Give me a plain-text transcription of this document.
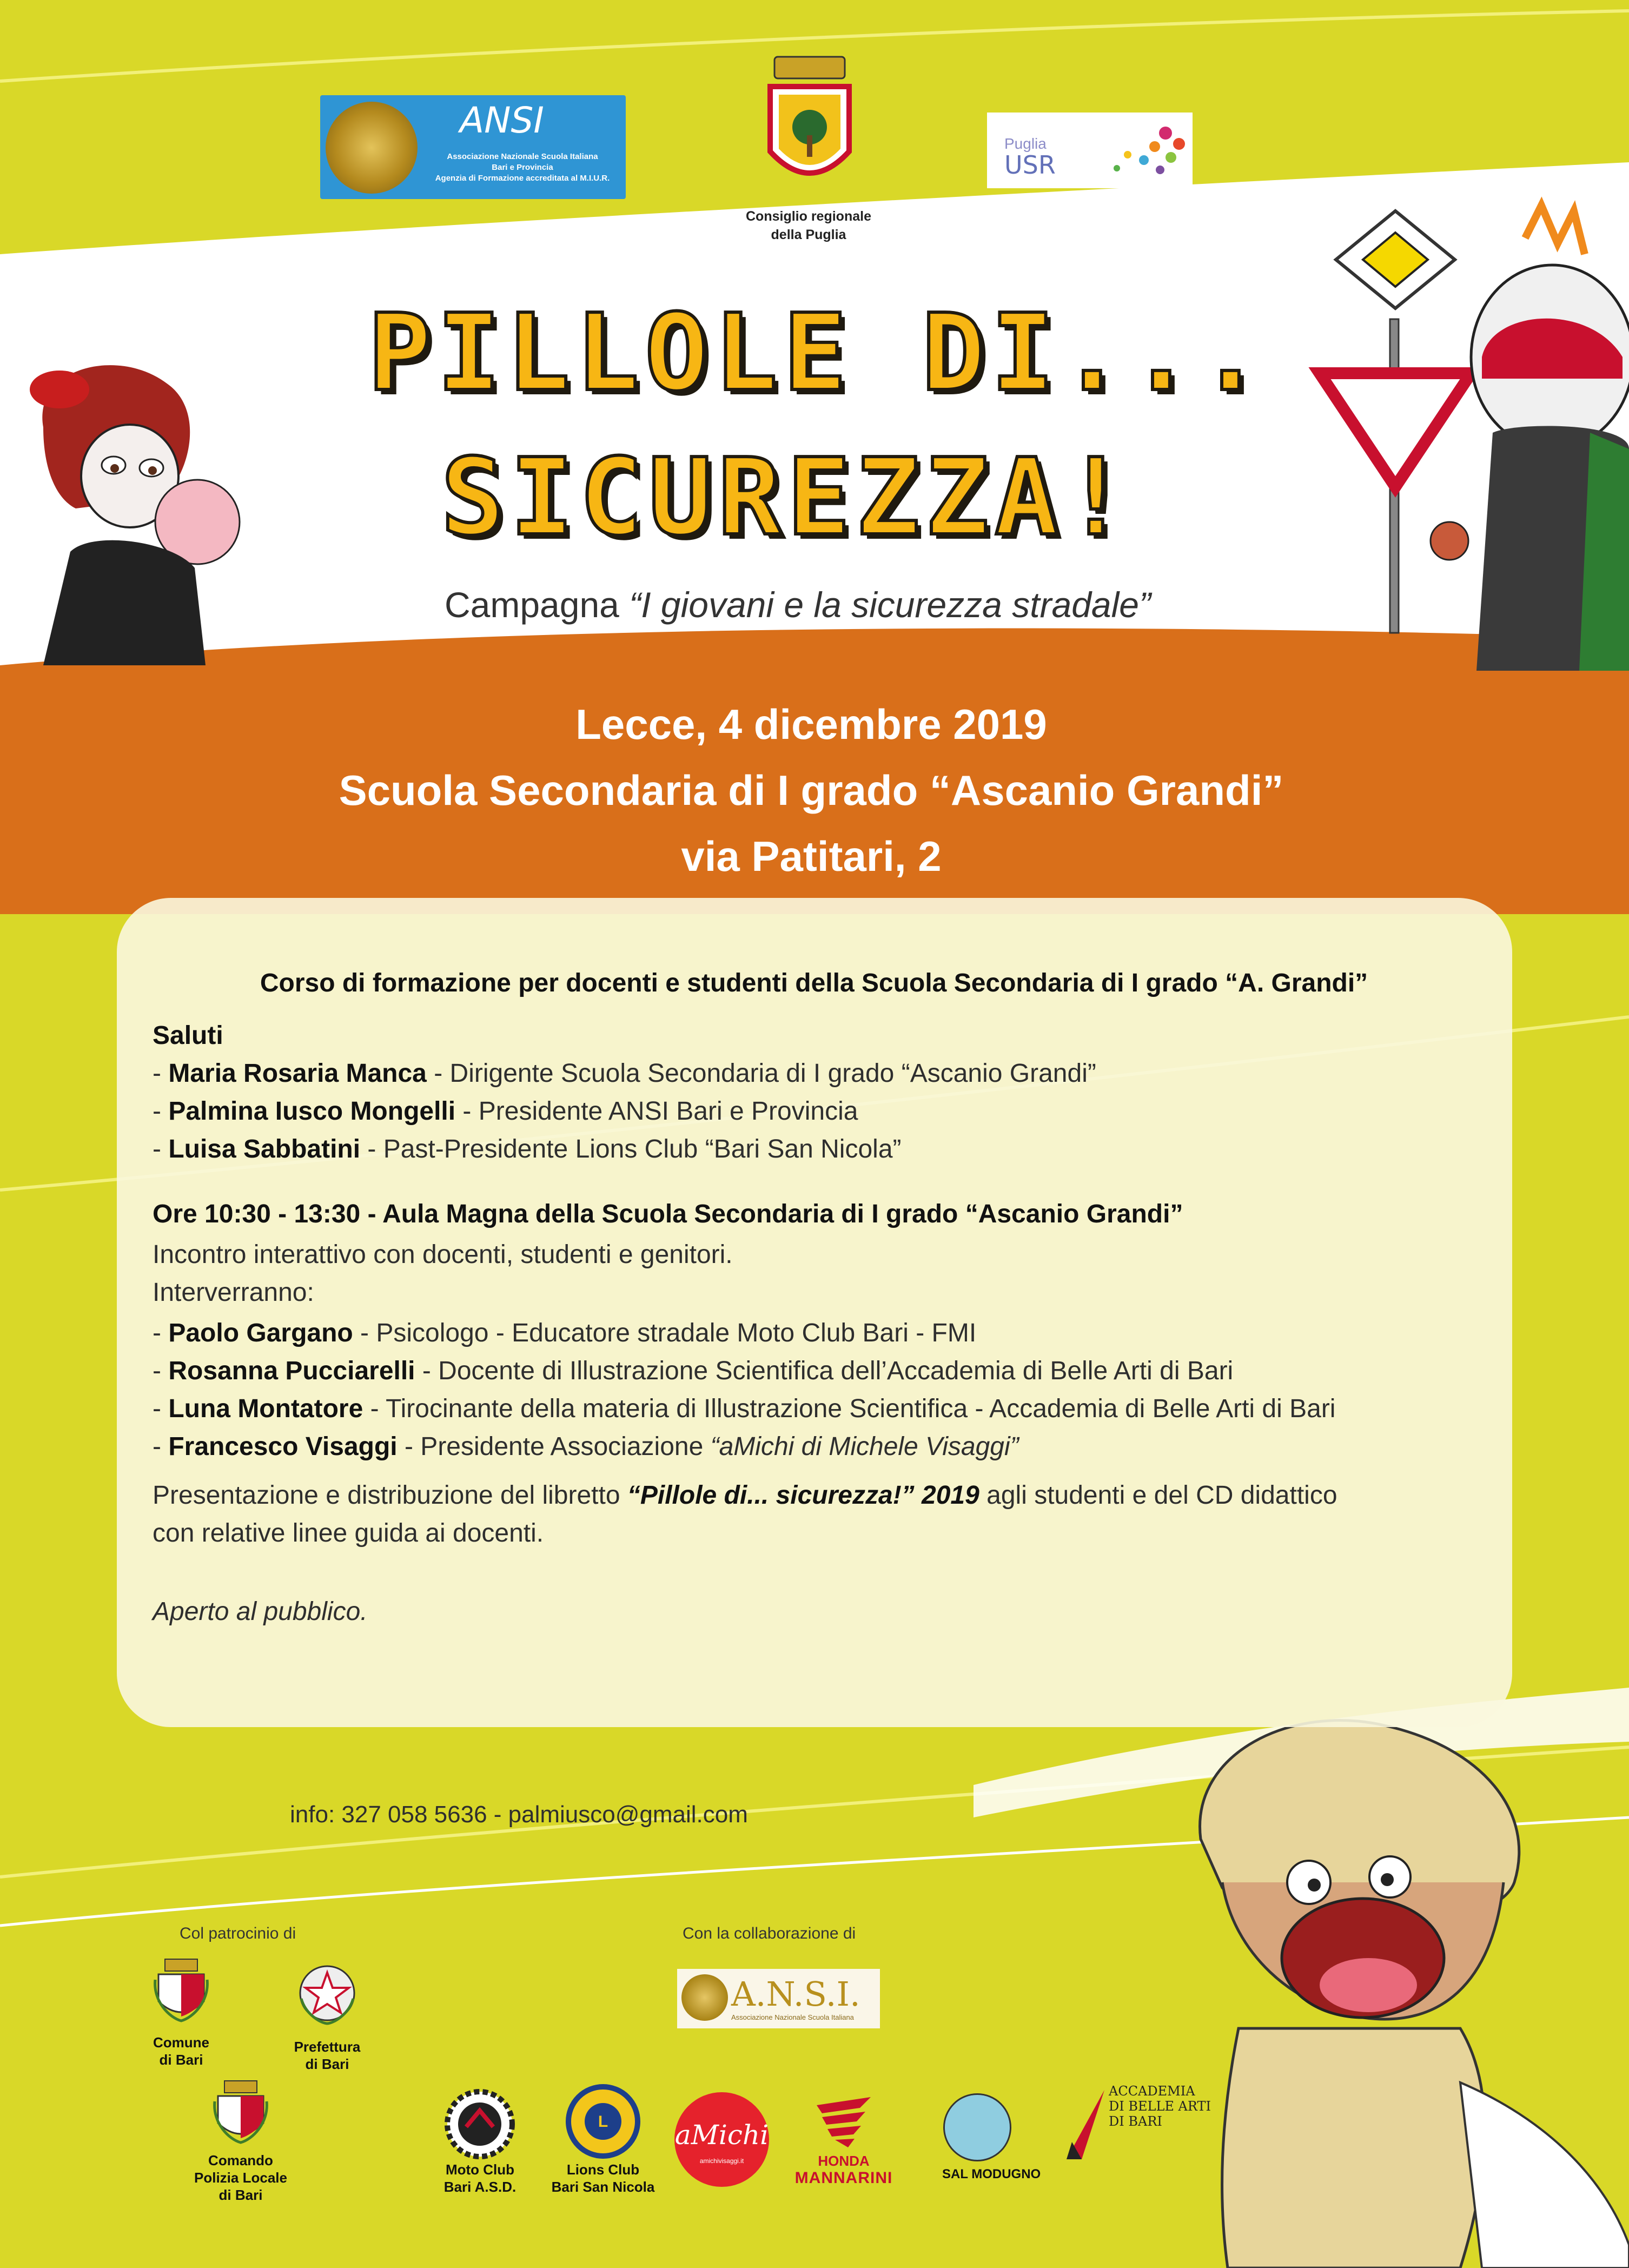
ANSI
Associazione Nazionale Scuola Italiana
Bari e Provincia
Agenzia di Formazione accreditata al M.I.U.R.
Consiglio regionale
della Puglia
Puglia
USR
PILLOLE DI...
SICUREZZA!
Campagna “I giovani e la sicurezza stradale”
Lecce, 4 dicembre 2019
Scuola Secondaria di I grado “Ascanio Grandi”
via Patitari, 2
Corso di formazione per docenti e studenti della Scuola Secondaria di I grado “A. Grandi”
Saluti
- Maria Rosaria Manca - Dirigente Scuola Secondaria di I grado “Ascanio Grandi”
- Palmina Iusco Mongelli - Presidente ANSI Bari e Provincia
- Luisa Sabbatini - Past-Presidente Lions Club “Bari San Nicola”
Ore 10:30 - 13:30 - Aula Magna della Scuola Secondaria di I grado “Ascanio Grandi”
Incontro interattivo con docenti, studenti e genitori.
Interverranno:
- Paolo Gargano - Psicologo - Educatore stradale Moto Club Bari - FMI
- Rosanna Pucciarelli - Docente di Illustrazione Scientifica dell’Accademia di Belle Arti di Bari
- Luna Montatore - Tirocinante della materia di Illustrazione Scientifica - Accademia di Belle Arti di Bari
- Francesco Visaggi - Presidente Associazione “aMichi di Michele Visaggi”
Presentazione e distribuzione del libretto “Pillole di... sicurezza!” 2019 agli studenti e del CD didattico
con relative linee guida ai docenti.
Aperto al pubblico.
info: 327 058 5636 - palmiusco@gmail.com
Col patrocinio di	Con la collaborazione di
Comune
di Bari
Prefettura
di Bari
Comando
Polizia Locale
di Bari
A.N.S.I.
Associazione Nazionale Scuola Italiana
Moto Club
Bari A.S.D.
L
Lions Club
Bari San Nicola
aMichi
amichivisaggi.it	HONDA
MANNARINI	SAL MODUGNO
ACCADEMIA
DI BELLE ARTI
DI BARI
